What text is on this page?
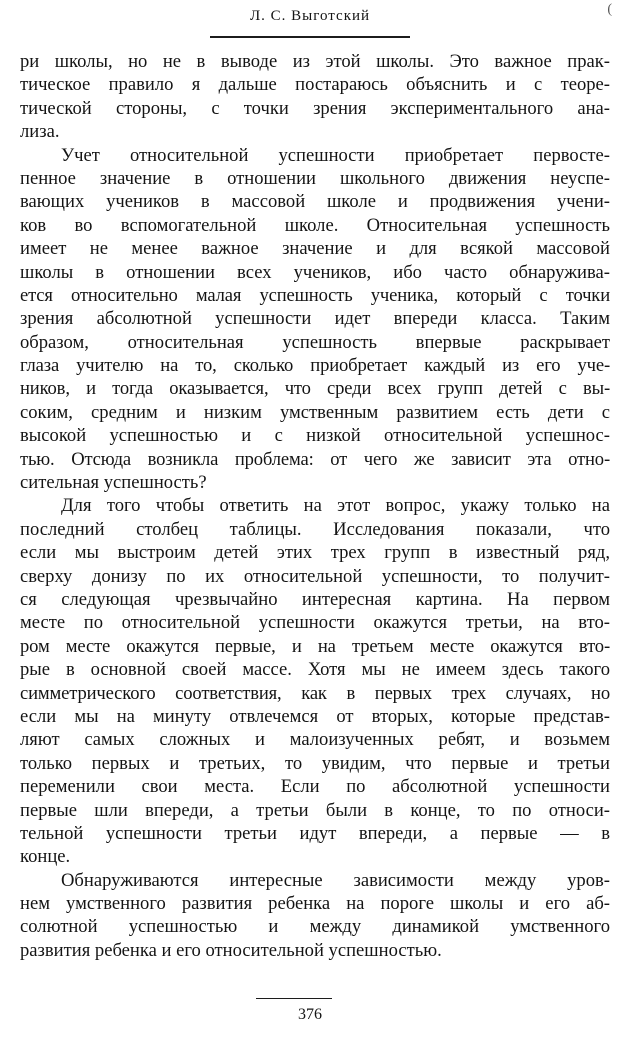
(
Л. С. Выготский
ри школы, но не в выводе из этой школы. Это важное прак-
тическое правило я дальше постараюсь объяснить и с теоре-
тической стороны, с точки зрения экспериментального ана-
лиза.
Учет относительной успешности приобретает первосте-
пенное значение в отношении школьного движения неуспе-
вающих учеников в массовой школе и продвижения учени-
ков во вспомогательной школе. Относительная успешность
имеет не менее важное значение и для всякой массовой
школы в отношении всех учеников, ибо часто обнаружива-
ется относительно малая успешность ученика, который с точки
зрения абсолютной успешности идет впереди класса. Таким
образом, относительная успешность впервые раскрывает
глаза учителю на то, сколько приобретает каждый из его уче-
ников, и тогда оказывается, что среди всех групп детей с вы-
соким, средним и низким умственным развитием есть дети с
высокой успешностью и с низкой относительной успешнос-
тью. Отсюда возникла проблема: от чего же зависит эта отно-
сительная успешность?
Для того чтобы ответить на этот вопрос, укажу только на
последний столбец таблицы. Исследования показали, что
если мы выстроим детей этих трех групп в известный ряд,
сверху донизу по их относительной успешности, то получит-
ся следующая чрезвычайно интересная картина. На первом
месте по относительной успешности окажутся третьи, на вто-
ром месте окажутся первые, и на третьем месте окажутся вто-
рые в основной своей массе. Хотя мы не имеем здесь такого
симметрического соответствия, как в первых трех случаях, но
если мы на минуту отвлечемся от вторых, которые представ-
ляют самых сложных и малоизученных ребят, и возьмем
только первых и третьих, то увидим, что первые и третьи
переменили свои места. Если по абсолютной успешности
первые шли впереди, а третьи были в конце, то по относи-
тельной успешности третьи идут впереди, а первые — в
конце.
Обнаруживаются интересные зависимости между уров-
нем умственного развития ребенка на пороге школы и его аб-
солютной успешностью и между динамикой умственного
развития ребенка и его относительной успешностью.
376
